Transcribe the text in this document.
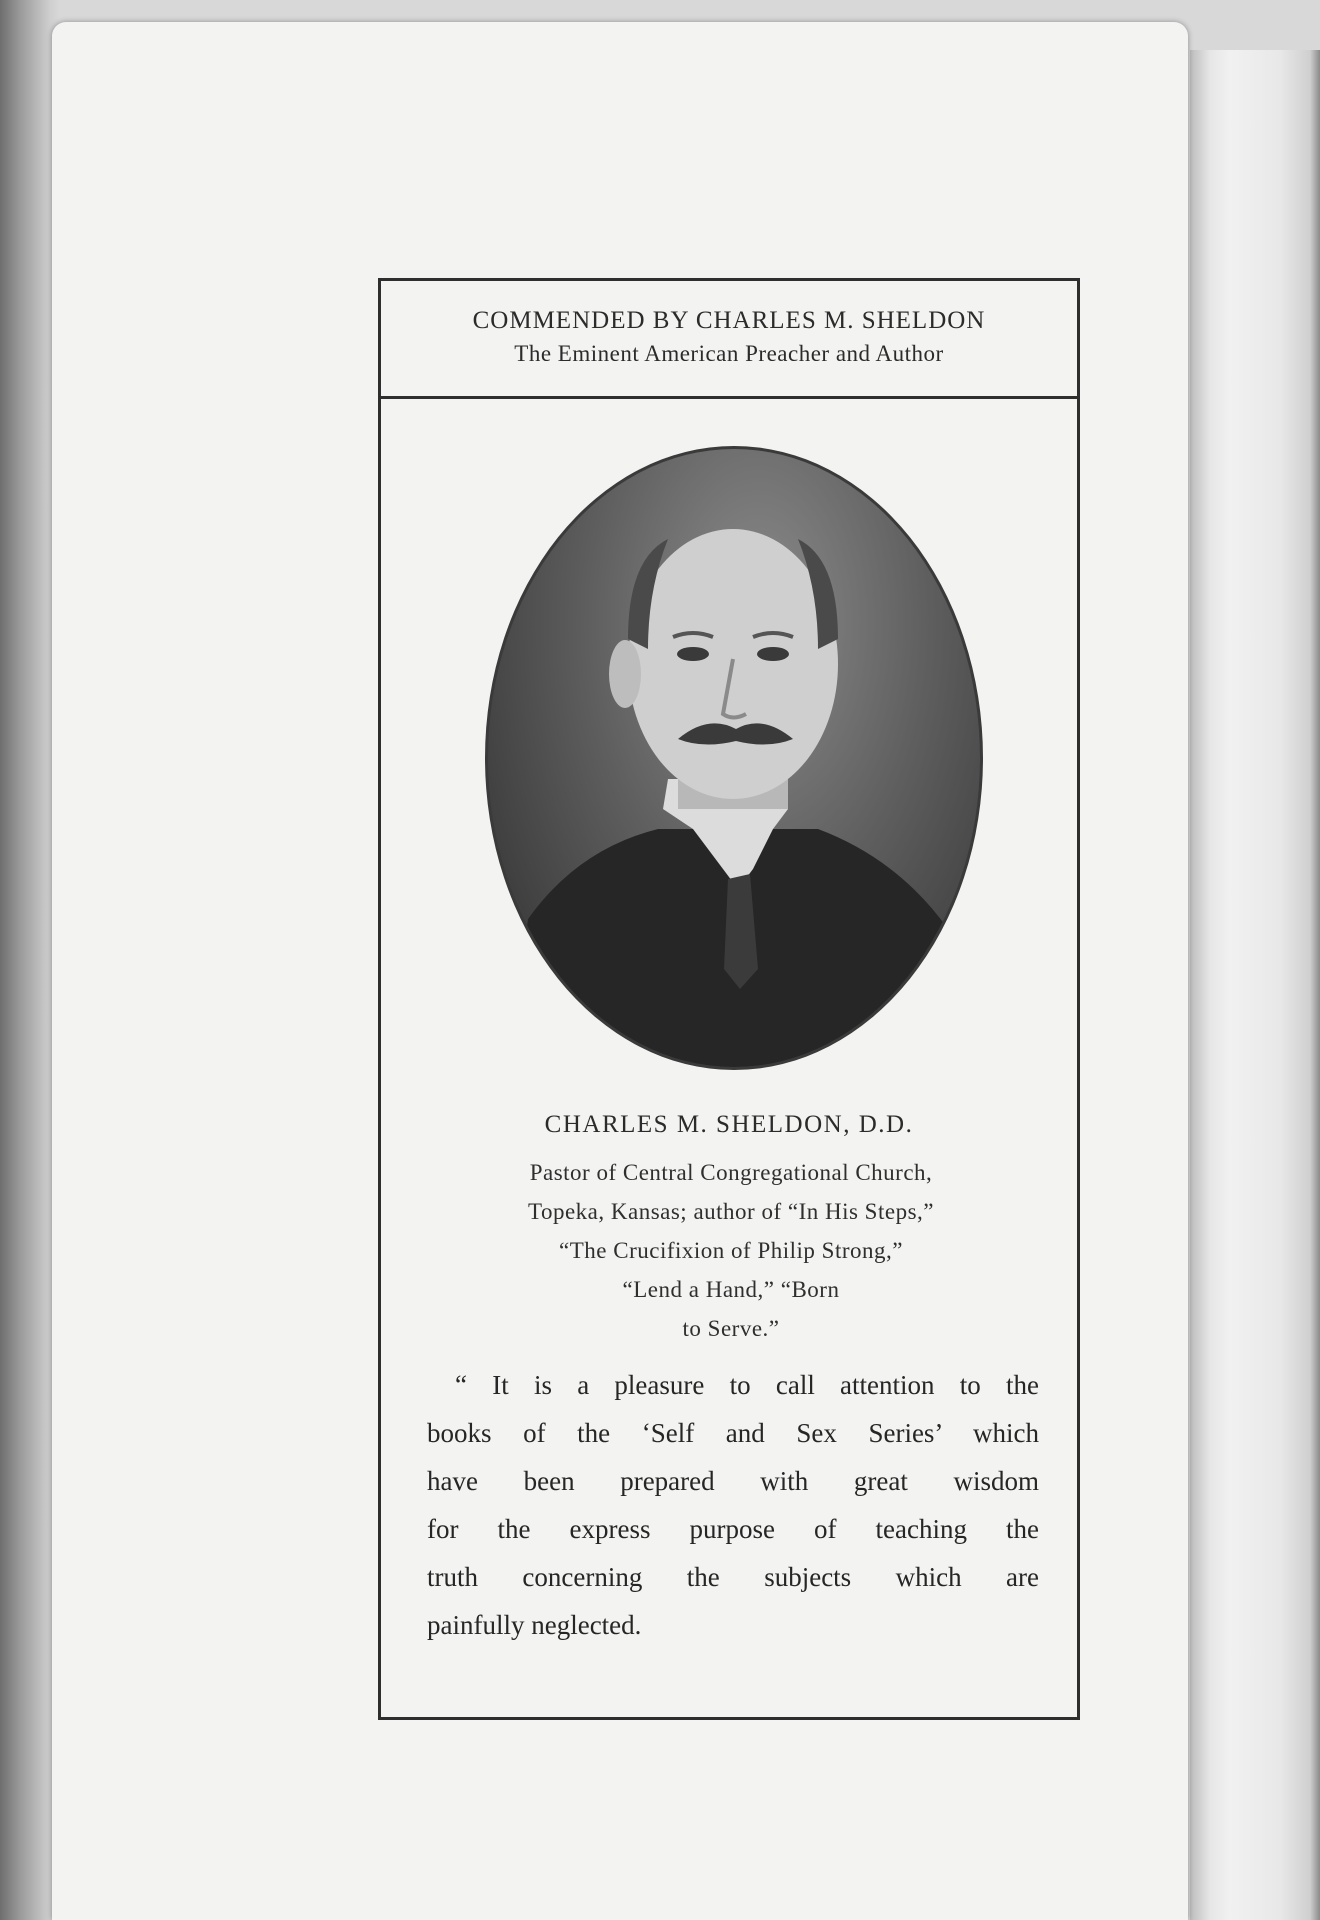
COMMENDED BY CHARLES M. SHELDON
The Eminent American Preacher and Author
CHARLES M. SHELDON, D.D.
Pastor of Central Congregational Church,
Topeka, Kansas; author of “In His Steps,”
“The Crucifixion of Philip Strong,”
“Lend a Hand,” “Born
to Serve.”
“ It is a pleasure to call attention to the
books of the ‘Self and Sex Series’ which
have been prepared with great wisdom
for the express purpose of teaching the
truth concerning the subjects which are
painfully neglected.
